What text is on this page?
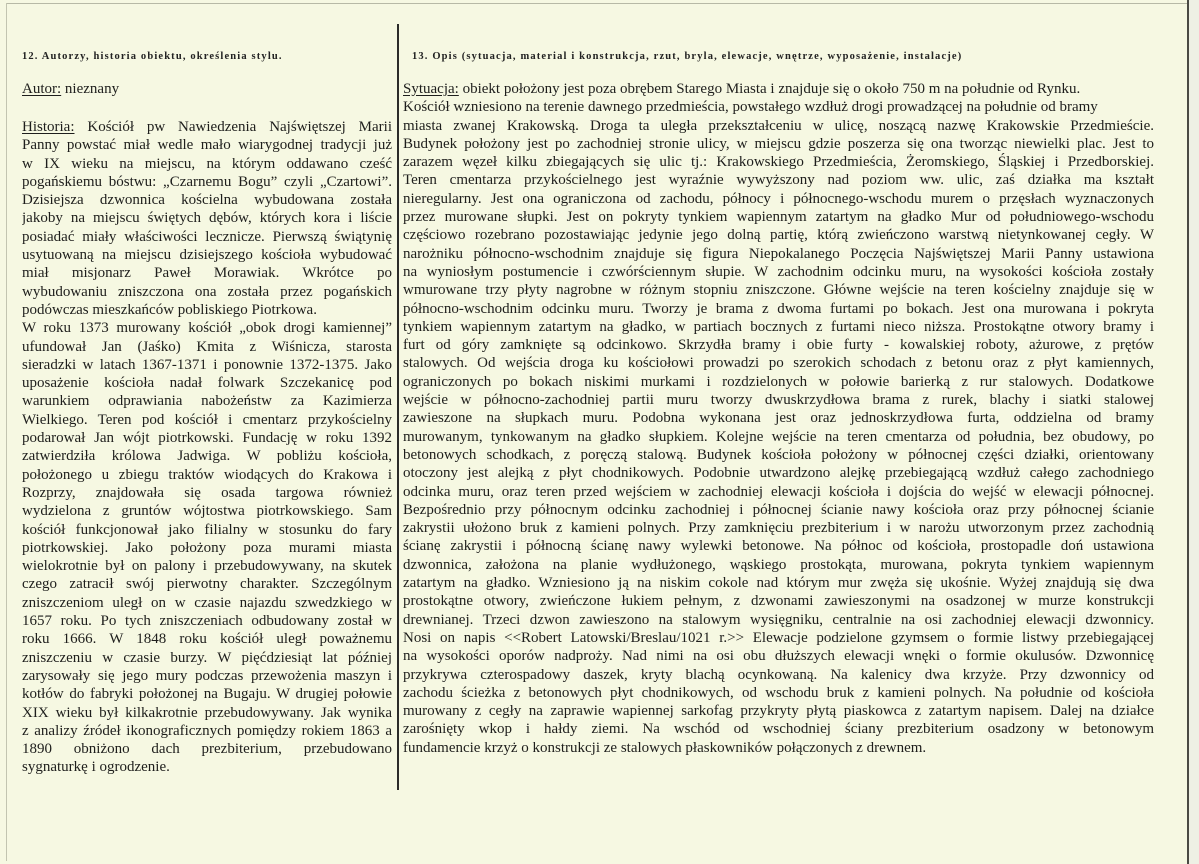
12. Autorzy, historia obiektu, określenia stylu.	13. Opis (sytuacja, material i konstrukcja, rzut, bryla, elewacje, wnętrze, wyposażenie, instalacje)
Autor: nieznany
Historia: Kościół pw Nawiedzenia Najświętszej Marii
Panny powstać miał wedle mało wiarygodnej tradycji już
w IX wieku na miejscu, na którym oddawano cześć
pogańskiemu bóstwu: „Czarnemu Bogu” czyli „Czartowi”.
Dzisiejsza dzwonnica kościelna wybudowana została
jakoby na miejscu świętych dębów, których kora i liście
posiadać miały właściwości lecznicze. Pierwszą świątynię
usytuowaną na miejscu dzisiejszego kościoła wybudować
miał misjonarz Paweł Morawiak. Wkrótce po
wybudowaniu zniszczona ona została przez pogańskich
podówczas mieszkańców pobliskiego Piotrkowa.
W roku 1373 murowany kościół „obok drogi kamiennej”
ufundował Jan (Jaśko) Kmita z Wiśnicza, starosta
sieradzki w latach 1367-1371 i ponownie 1372-1375. Jako
uposażenie kościoła nadał folwark Szczekanicę pod
warunkiem odprawiania nabożeństw za Kazimierza
Wielkiego. Teren pod kościół i cmentarz przykościelny
podarował Jan wójt piotrkowski. Fundację w roku 1392
zatwierdziła królowa Jadwiga. W pobliżu kościoła,
położonego u zbiegu traktów wiodących do Krakowa i
Rozprzy, znajdowała się osada targowa również
wydzielona z gruntów wójtostwa piotrkowskiego. Sam
kościół funkcjonował jako filialny w stosunku do fary
piotrkowskiej. Jako położony poza murami miasta
wielokrotnie był on palony i przebudowywany, na skutek
czego zatracił swój pierwotny charakter. Szczególnym
zniszczeniom uległ on w czasie najazdu szwedzkiego w
1657 roku. Po tych zniszczeniach odbudowany został w
roku 1666. W 1848 roku kościół uległ poważnemu
zniszczeniu w czasie burzy. W pięćdziesiąt lat później
zarysowały się jego mury podczas przewożenia maszyn i
kotłów do fabryki położonej na Bugaju. W drugiej połowie
XIX wieku był kilkakrotnie przebudowywany. Jak wynika
z analizy źródeł ikonograficznych pomiędzy rokiem 1863 a
1890 obniżono dach prezbiterium, przebudowano
sygnaturkę i ogrodzenie.
Sytuacja: obiekt położony jest poza obrębem Starego Miasta i znajduje się o około 750 m na południe od Rynku.
Kościół wzniesiono na terenie dawnego przedmieścia, powstałego wzdłuż drogi prowadzącej na południe od bramy
miasta zwanej Krakowską. Droga ta uległa przekształceniu w ulicę, noszącą nazwę Krakowskie Przedmieście.
Budynek położony jest po zachodniej stronie ulicy, w miejscu gdzie poszerza się ona tworząc niewielki plac. Jest to
zarazem węzeł kilku zbiegających się ulic tj.: Krakowskiego Przedmieścia, Żeromskiego, Śląskiej i Przedborskiej.
Teren cmentarza przykościelnego jest wyraźnie wywyższony nad poziom ww. ulic, zaś działka ma kształt
nieregularny. Jest ona ograniczona od zachodu, północy i północnego-wschodu murem o przęsłach wyznaczonych
przez murowane słupki. Jest on pokryty tynkiem wapiennym zatartym na gładko Mur od południowego-wschodu
częściowo rozebrano pozostawiając jedynie jego dolną partię, którą zwieńczono warstwą nietynkowanej cegły. W
narożniku północno-wschodnim znajduje się figura Niepokalanego Poczęcia Najświętszej Marii Panny ustawiona
na wyniosłym postumencie i czwórściennym słupie. W zachodnim odcinku muru, na wysokości kościoła zostały
wmurowane trzy płyty nagrobne w różnym stopniu zniszczone. Główne wejście na teren kościelny znajduje się w
północno-wschodnim odcinku muru. Tworzy je brama z dwoma furtami po bokach. Jest ona murowana i pokryta
tynkiem wapiennym zatartym na gładko, w partiach bocznych z furtami nieco niższa. Prostokątne otwory bramy i
furt od góry zamknięte są odcinkowo. Skrzydła bramy i obie furty - kowalskiej roboty, ażurowe, z prętów
stalowych. Od wejścia droga ku kościołowi prowadzi po szerokich schodach z betonu oraz z płyt kamiennych,
ograniczonych po bokach niskimi murkami i rozdzielonych w połowie barierką z rur stalowych. Dodatkowe
wejście w północno-zachodniej partii muru tworzy dwuskrzydłowa brama z rurek, blachy i siatki stalowej
zawieszone na słupkach muru. Podobna wykonana jest oraz jednoskrzydłowa furta, oddzielna od bramy
murowanym, tynkowanym na gładko słupkiem. Kolejne wejście na teren cmentarza od południa, bez obudowy, po
betonowych schodkach, z poręczą stalową. Budynek kościoła położony w północnej części działki, orientowany
otoczony jest alejką z płyt chodnikowych. Podobnie utwardzono alejkę przebiegającą wzdłuż całego zachodniego
odcinka muru, oraz teren przed wejściem w zachodniej elewacji kościoła i dojścia do wejść w elewacji północnej.
Bezpośrednio przy północnym odcinku zachodniej i północnej ścianie nawy kościoła oraz przy północnej ścianie
zakrystii ułożono bruk z kamieni polnych. Przy zamknięciu prezbiterium i w narożu utworzonym przez zachodnią
ścianę zakrystii i północną ścianę nawy wylewki betonowe. Na północ od kościoła, prostopadle doń ustawiona
dzwonnica, założona na planie wydłużonego, wąskiego prostokąta, murowana, pokryta tynkiem wapiennym
zatartym na gładko. Wzniesiono ją na niskim cokole nad którym mur zwęża się ukośnie. Wyżej znajdują się dwa
prostokątne otwory, zwieńczone łukiem pełnym, z dzwonami zawieszonymi na osadzonej w murze konstrukcji
drewnianej. Trzeci dzwon zawieszono na stalowym wysięgniku, centralnie na osi zachodniej elewacji dzwonnicy.
Nosi on napis <<Robert Latowski/Breslau/1021 r.>> Elewacje podzielone gzymsem o formie listwy przebiegającej
na wysokości oporów nadproży. Nad nimi na osi obu dłuższych elewacji wnęki o formie okulusów. Dzwonnicę
przykrywa czterospadowy daszek, kryty blachą ocynkowaną. Na kalenicy dwa krzyże. Przy dzwonnicy od
zachodu ścieżka z betonowych płyt chodnikowych, od wschodu bruk z kamieni polnych. Na południe od kościoła
murowany z cegły na zaprawie wapiennej sarkofag przykryty płytą piaskowca z zatartym napisem. Dalej na działce
zarośnięty wkop i hałdy ziemi. Na wschód od wschodniej ściany prezbiterium osadzony w betonowym
fundamencie krzyż o konstrukcji ze stalowych płaskowników połączonych z drewnem.
